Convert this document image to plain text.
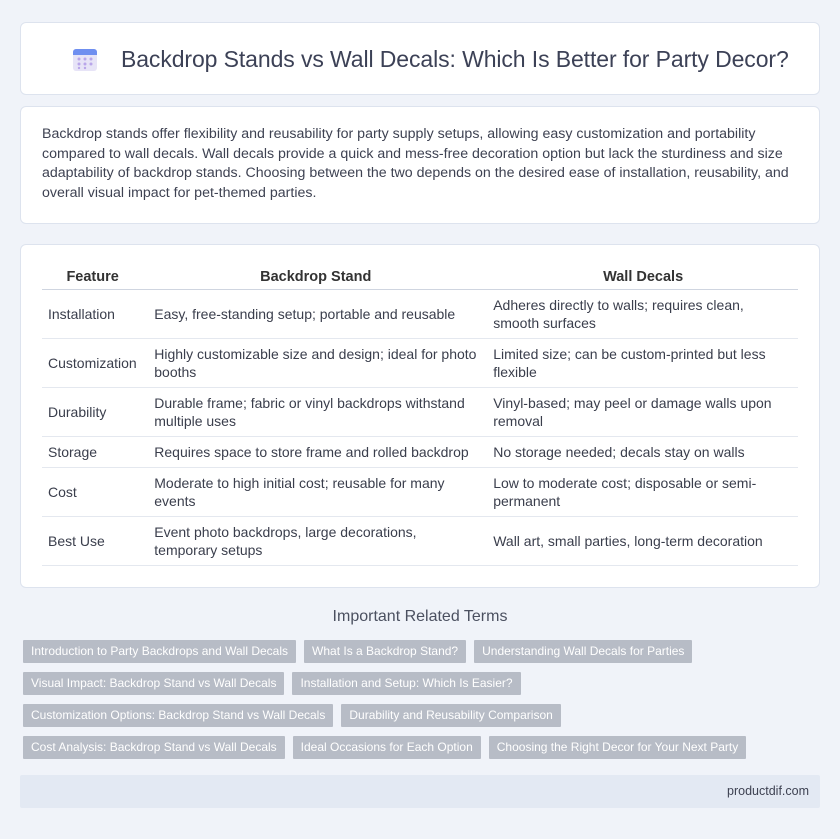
Backdrop Stands vs Wall Decals: Which Is Better for Party Decor?

Backdrop stands offer flexibility and reusability for party supply setups, allowing easy customization and portability compared to wall decals. Wall decals provide a quick and mess-free decoration option but lack the sturdiness and size adaptability of backdrop stands. Choosing between the two depends on the desired ease of installation, reusability, and overall visual impact for pet-themed parties.

Feature	Backdrop Stand	Wall Decals
Installation	Easy, free-standing setup; portable and reusable	Adheres directly to walls; requires clean, smooth surfaces
Customization	Highly customizable size and design; ideal for photo booths	Limited size; can be custom-printed but less flexible
Durability	Durable frame; fabric or vinyl backdrops withstand multiple uses	Vinyl-based; may peel or damage walls upon removal
Storage	Requires space to store frame and rolled backdrop	No storage needed; decals stay on walls
Cost	Moderate to high initial cost; reusable for many events	Low to moderate cost; disposable or semi-permanent
Best Use	Event photo backdrops, large decorations, temporary setups	Wall art, small parties, long-term decoration
Important Related Terms
Introduction to Party Backdrops and Wall Decals	What Is a Backdrop Stand?	Understanding Wall Decals for Parties
Visual Impact: Backdrop Stand vs Wall Decals	Installation and Setup: Which Is Easier?
Customization Options: Backdrop Stand vs Wall Decals	Durability and Reusability Comparison
Cost Analysis: Backdrop Stand vs Wall Decals	Ideal Occasions for Each Option	Choosing the Right Decor for Your Next Party
productdif.com
